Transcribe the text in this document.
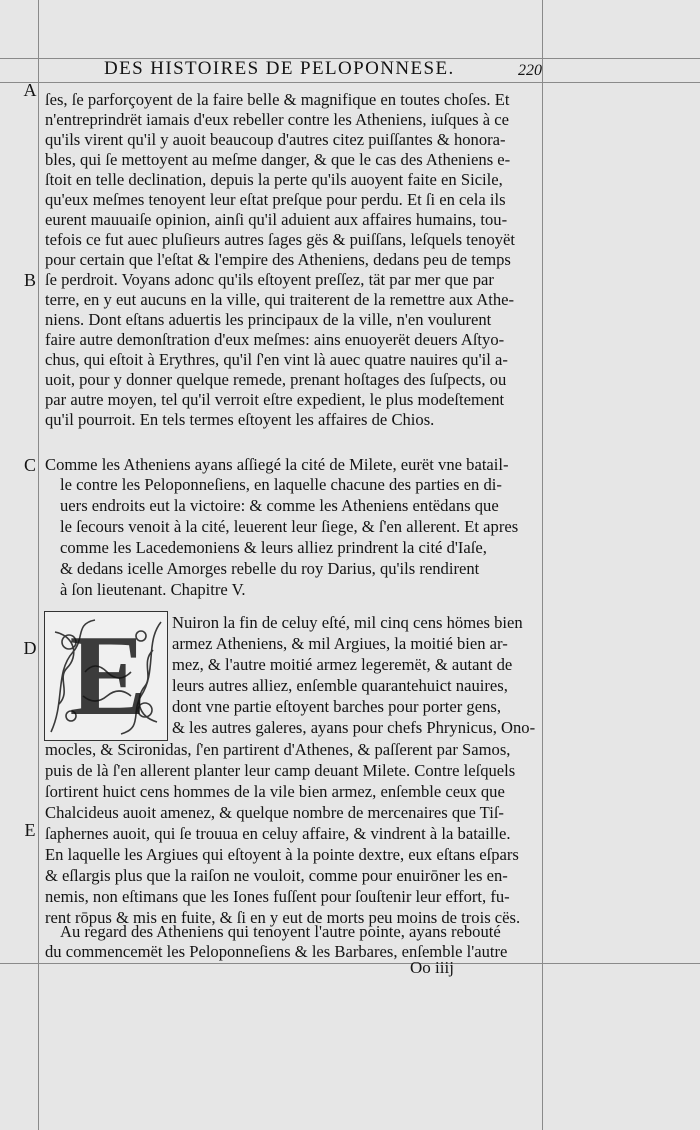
DES HISTOIRES DE PELOPONNESE.	220
A
B
C
D
E
ſes, ſe parforçoyent de la faire belle & magnifique en toutes choſes. Et
n'entreprindrët iamais d'eux rebeller contre les Atheniens, iuſques à ce
qu'ils virent qu'il y auoit beaucoup d'autres citez puiſſantes & honora-
bles, qui ſe mettoyent au meſme danger, & que le cas des Atheniens e-
ſtoit en telle declination, depuis la perte qu'ils auoyent faite en Sicile,
qu'eux meſmes tenoyent leur eſtat preſque pour perdu. Et ſi en cela ils
eurent mauuaiſe opinion, ainſi qu'il aduient aux affaires humains, tou-
tefois ce fut auec pluſieurs autres ſages gës & puiſſans, leſquels tenoyët
pour certain que l'eſtat & l'empire des Atheniens, dedans peu de temps
ſe perdroit. Voyans adonc qu'ils eſtoyent preſſez, tät par mer que par
terre, en y eut aucuns en la ville, qui traiterent de la remettre aux Athe-
niens. Dont eſtans aduertis les principaux de la ville, n'en voulurent
faire autre demonſtration d'eux meſmes: ains enuoyerët deuers Aſtyo-
chus, qui eſtoit à Erythres, qu'il ſ'en vint là auec quatre nauires qu'il a-
uoit, pour y donner quelque remede, prenant hoſtages des ſuſpects, ou
par autre moyen, tel qu'il verroit eſtre expedient, le plus modeſtement
qu'il pourroit. En tels termes eſtoyent les affaires de Chios.
Comme les Atheniens ayans aſſiegé la cité de Milete, eurët vne batail-
le contre les Peloponneſiens, en laquelle chacune des parties en di-
uers endroits eut la victoire: & comme les Atheniens entëdans que
le ſecours venoit à la cité, leuerent leur ſiege, & ſ'en allerent. Et apres
comme les Lacedemoniens & leurs alliez prindrent la cité d'Iaſe,
& dedans icelle Amorges rebelle du roy Darius, qu'ils rendirent
à ſon lieutenant. Chapitre V.
E	Nuiron la fin de celuy eſté, mil cinq cens hömes bien
armez Atheniens, & mil Argiues, la moitié bien ar-
mez, & l'autre moitié armez legeremët, & autant de
leurs autres alliez, enſemble quarantehuict nauires,
dont vne partie eſtoyent barches pour porter gens,
& les autres galeres, ayans pour chefs Phrynicus, Ono-
mocles, & Scironidas, ſ'en partirent d'Athenes, & paſſerent par Samos,
puis de là ſ'en allerent planter leur camp deuant Milete. Contre leſquels
ſortirent huict cens hommes de la vile bien armez, enſemble ceux que
Chalcideus auoit amenez, & quelque nombre de mercenaires que Tiſ-
ſaphernes auoit, qui ſe trouua en celuy affaire, & vindrent à la bataille.
En laquelle les Argiues qui eſtoyent à la pointe dextre, eux eſtans eſpars
& eſlargis plus que la raiſon ne vouloit, comme pour enuirōner les en-
nemis, non eſtimans que les Iones fuſſent pour ſouſtenir leur effort, fu-
rent rōpus & mis en fuite, & ſi en y eut de morts peu moins de trois cës.
Au regard des Atheniens qui tenoyent l'autre pointe, ayans rebouté
du commencemët les Peloponneſiens & les Barbares, enſemble l'autre
Oo iiij
